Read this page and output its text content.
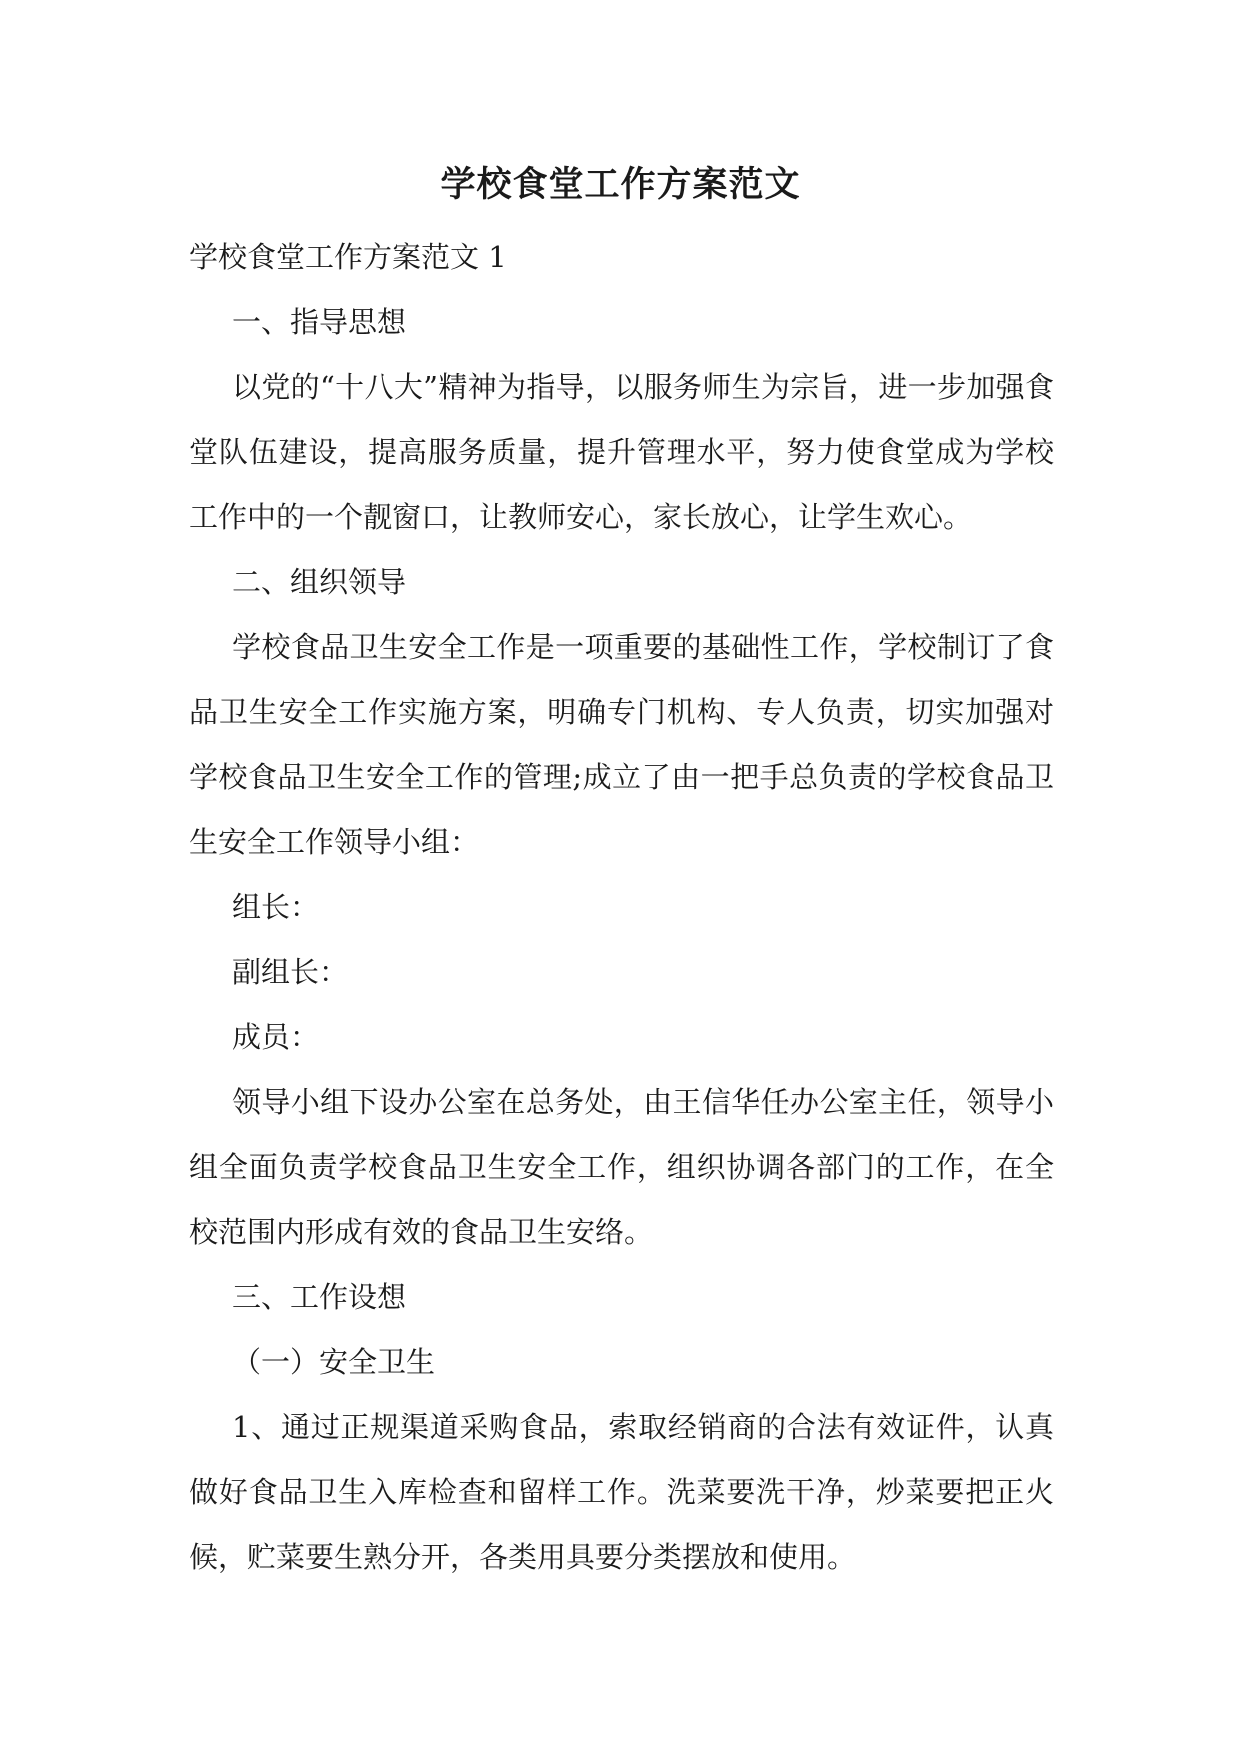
学校食堂工作方案范文

学校食堂工作方案范文 1

一、指导思想

以党的“十八大”精神为指导，以服务师生为宗旨，进一步加强食堂队伍建设，提高服务质量，提升管理水平，努力使食堂成为学校工作中的一个靓窗口，让教师安心，家长放心，让学生欢心。

二、组织领导

学校食品卫生安全工作是一项重要的基础性工作，学校制订了食品卫生安全工作实施方案，明确专门机构、专人负责，切实加强对学校食品卫生安全工作的管理;成立了由一把手总负责的学校食品卫生安全工作领导小组：

组长：

副组长：

成员：

领导小组下设办公室在总务处，由王信华任办公室主任，领导小组全面负责学校食品卫生安全工作，组织协调各部门的工作，在全校范围内形成有效的食品卫生安络。

三、工作设想

（一）安全卫生

1、通过正规渠道采购食品，索取经销商的合法有效证件，认真做好食品卫生入库检查和留样工作。洗菜要洗干净，炒菜要把正火候，贮菜要生熟分开，各类用具要分类摆放和使用。
